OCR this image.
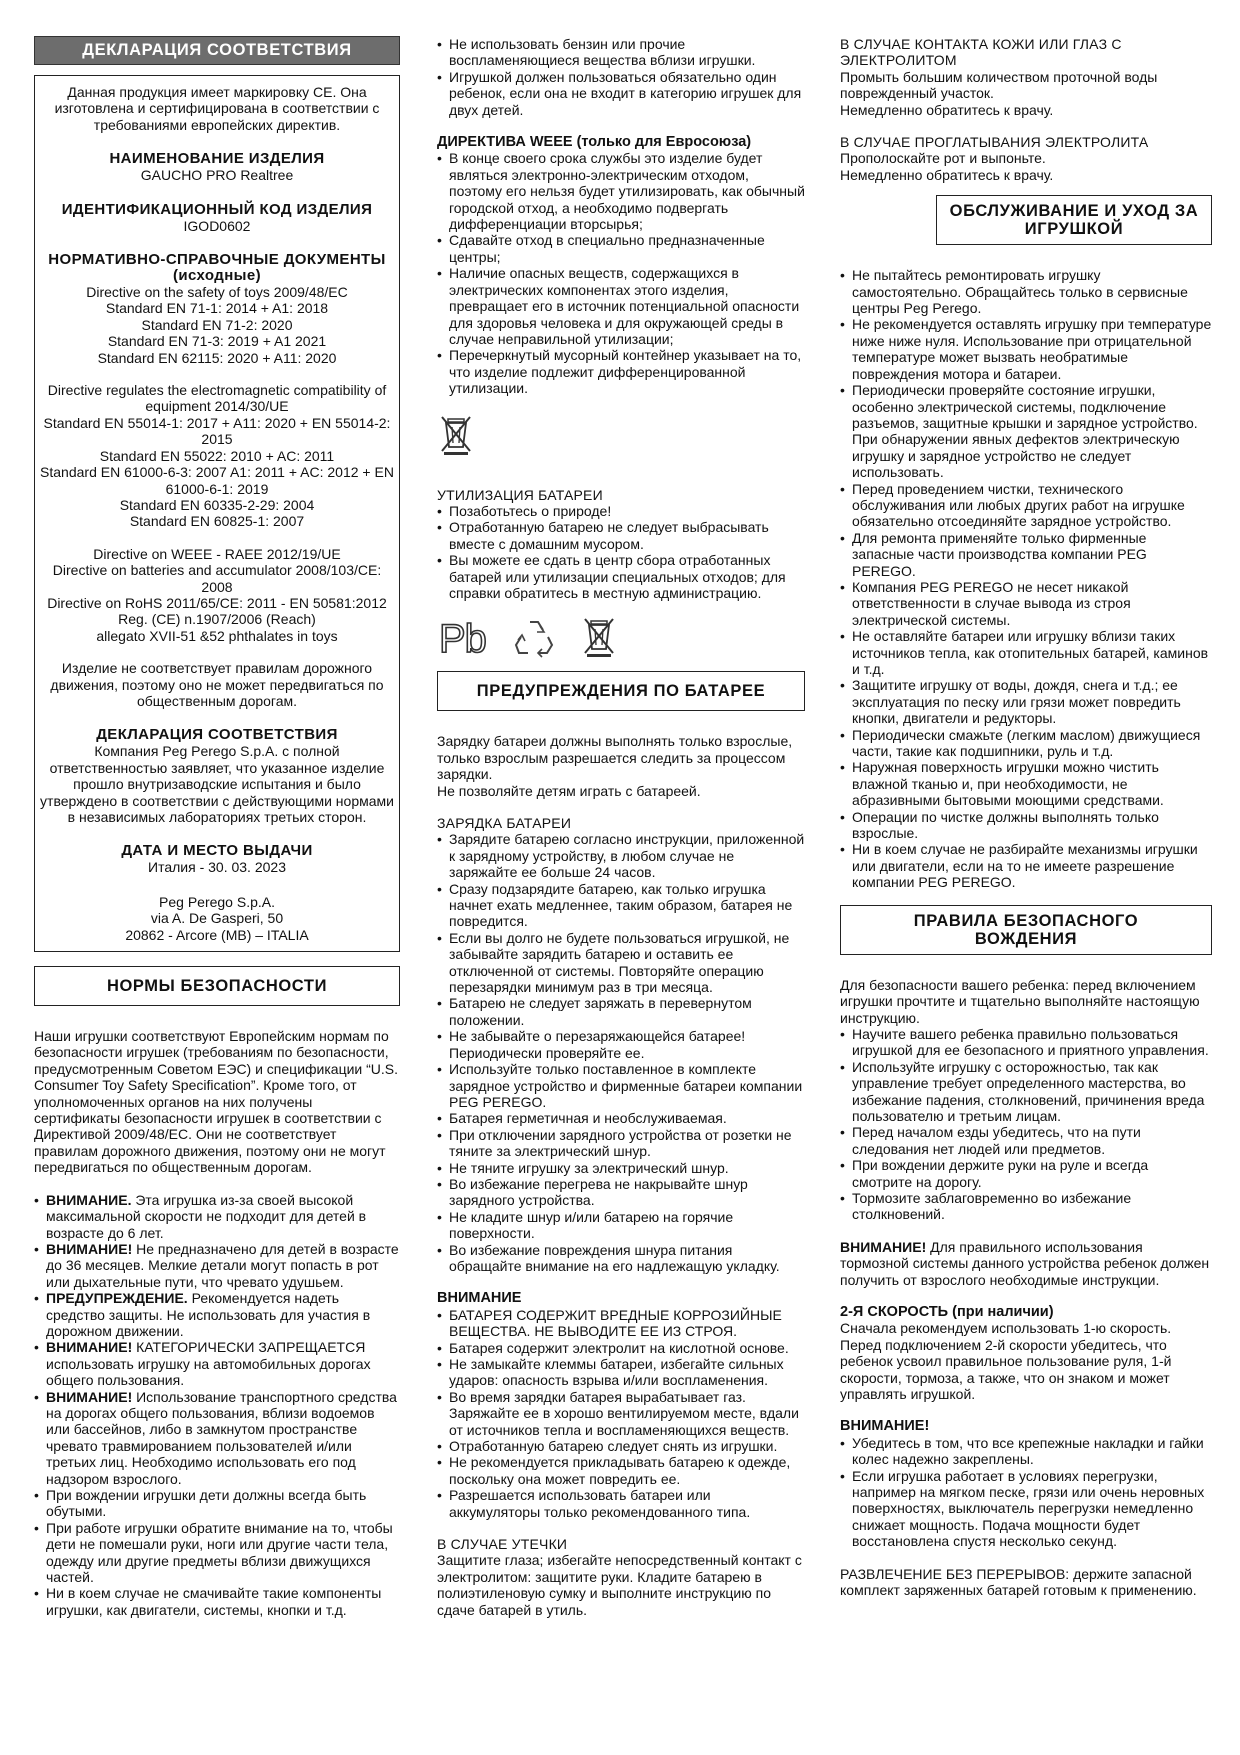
ДЕКЛАРАЦИЯ СООТВЕТСТВИЯ
Данная продукция имеет маркировку CE. Она изготовлена и сертифицирована в соответствии с требованиями европейских директив.
НАИМЕНОВАНИЕ ИЗДЕЛИЯ
GAUCHO PRO Realtree
ИДЕНТИФИКАЦИОННЫЙ КОД ИЗДЕЛИЯ
IGOD0602
НОРМАТИВНО-СПРАВОЧНЫЕ ДОКУМЕНТЫ (исходные)
Directive on the safety of toys 2009/48/EC
Standard EN 71-1: 2014 + A1: 2018
Standard EN 71-2: 2020
Standard EN 71-3: 2019 + A1 2021
Standard EN 62115: 2020 + A11: 2020
Directive regulates the electromagnetic compatibility of equipment 2014/30/UE
Standard EN 55014-1: 2017 + A11: 2020 + EN 55014-2: 2015
Standard EN 55022: 2010 + AC: 2011
Standard EN 61000-6-3: 2007 A1: 2011 + AC: 2012 + EN 61000-6-1: 2019
Standard EN 60335-2-29: 2004
Standard EN 60825-1: 2007
Directive on WEEE - RAEE 2012/19/UE
Directive on batteries and accumulator 2008/103/CE: 2008
Directive on RoHS 2011/65/CE: 2011 - EN 50581:2012
Reg. (CE) n.1907/2006 (Reach)
allegato XVII-51 &52 phthalates in toys
Изделие не соответствует правилам дорожного движения, поэтому оно не может передвигаться по общественным дорогам.
ДЕКЛАРАЦИЯ СООТВЕТСТВИЯ
Компания Peg Perego S.p.A. с полной ответственностью заявляет, что указанное изделие прошло внутризаводские испытания и было утверждено в соответствии с действующими нормами в независимых лабораториях третьих сторон.
ДАТА И МЕСТО ВЫДАЧИ
Италия - 30. 03. 2023
Peg Perego S.p.A.
via A. De Gasperi, 50
20862 - Arcore (MB) – ITALIA
НОРМЫ БЕЗОПАСНОСТИ

Наши игрушки соответствуют Европейским нормам по безопасности игрушек (требованиям по безопасности, предусмотренным Советом ЕЭС) и спецификации “U.S. Consumer Toy Safety Specification”. Кроме того, от уполномоченных органов на них получены сертификаты безопасности игрушек в соответствии с Директивой 2009/48/ЕС. Они не соответствует правилам дорожного движения, поэтому они не могут передвигаться по общественным дорогам.

• ВНИМАНИЕ. Эта игрушка из-за своей высокой максимальной скорости не подходит для детей в возрасте до 6 лет.
• ВНИМАНИЕ! Не предназначено для детей в возрасте до 36 месяцев. Мелкие детали могут попасть в рот или дыхательные пути, что чревато удушьем.
• ПРЕДУПРЕЖДЕНИЕ. Рекомендуется надеть средство защиты. Не использовать для участия в дорожном движении.
• ВНИМАНИЕ! КАТЕГОРИЧЕСКИ ЗАПРЕЩАЕТСЯ использовать игрушку на автомобильных дорогах общего пользования.
• ВНИМАНИЕ! Использование транспортного средства на дорогах общего пользования, вблизи водоемов или бассейнов, либо в замкнутом пространстве чревато травмированием пользователей и/или третьих лиц. Необходимо использовать его под надзором взрослого.
• При вождении игрушки дети должны всегда быть обутыми.
• При работе игрушки обратите внимание на то, чтобы дети не помешали руки, ноги или другие части тела, одежду или другие предметы вблизи движущихся частей.
• Ни в коем случае не смачивайте такие компоненты игрушки, как двигатели, системы, кнопки и т.д.
• Не использовать бензин или прочие воспламеняющиеся вещества вблизи игрушки.
• Игрушкой должен пользоваться обязательно один ребенок, если она не входит в категорию игрушек для двух детей.

ДИРЕКТИВА WEEE (только для Евросоюза)

• В конце своего срока службы это изделие будет являться электронно-электрическим отходом, поэтому его нельзя будет утилизировать, как обычный городской отход, а необходимо подвергать дифференциации вторсырья;
• Сдавайте отход в специально предназначенные центры;
• Наличие опасных веществ, содержащихся в электрических компонентах этого изделия, превращает его в источник потенциальной опасности для здоровья человека и для окружающей среды в случае неправильной утилизации;
• Перечеркнутый мусорный контейнер указывает на то, что изделие подлежит дифференцированной утилизации.

УТИЛИЗАЦИЯ БАТАРЕИ

• Позаботьтесь о природе!
• Отработанную батарею не следует выбрасывать вместе с домашним мусором.
• Вы можете ее сдать в центр сбора отработанных батарей или утилизации специальных отходов; для справки обратитесь в местную администрацию.
Pb
ПРЕДУПРЕЖДЕНИЯ ПО БАТАРЕЕ

Зарядку батареи должны выполнять только взрослые, только взрослым разрешается следить за процессом зарядки.

Не позволяйте детям играть с батареей.

ЗАРЯДКА БАТАРЕИ

• Зарядите батарею согласно инструкции, приложенной к зарядному устройству, в любом случае не заряжайте ее больше 24 часов.
• Сразу подзарядите батарею, как только игрушка начнет ехать медленнее, таким образом, батарея не повредится.
• Если вы долго не будете пользоваться игрушкой, не забывайте зарядить батарею и оставить ее отключенной от системы. Повторяйте операцию перезарядки минимум раз в три месяца.
• Батарею не следует заряжать в перевернутом положении.
• Не забывайте о перезаряжающейся батарее! Периодически проверяйте ее.
• Используйте только поставленное в комплекте зарядное устройство и фирменные батареи компании PEG PEREGO.
• Батарея герметичная и необслуживаемая.
• При отключении зарядного устройства от розетки не тяните за электрический шнур.
• Не тяните игрушку за электрический шнур.
• Во избежание перегрева не накрывайте шнур зарядного устройства.
• Не кладите шнур и/или батарею на горячие поверхности.
• Во избежание повреждения шнура питания обращайте внимание на его надлежащую укладку.

ВНИМАНИЕ

• БАТАРЕЯ СОДЕРЖИТ ВРЕДНЫЕ КОРРОЗИЙНЫЕ ВЕЩЕСТВА. НЕ ВЫВОДИТЕ ЕЕ ИЗ СТРОЯ.
• Батарея содержит электролит на кислотной основе.
• Не замыкайте клеммы батареи, избегайте сильных ударов: опасность взрыва и/или воспламенения.
• Во время зарядки батарея вырабатывает газ. Заряжайте ее в хорошо вентилируемом месте, вдали от источников тепла и воспламеняющихся веществ.
• Отработанную батарею следует снять из игрушки.
• Не рекомендуется прикладывать батарею к одежде, поскольку она может повредить ее.
• Разрешается использовать батареи или аккумуляторы только рекомендованного типа.

В СЛУЧАЕ УТЕЧКИ

Защитите глаза; избегайте непосредственный контакт с электролитом: защитите руки. Кладите батарею в полиэтиленовую сумку и выполните инструкцию по сдаче батарей в утиль.

В СЛУЧАЕ КОНТАКТА КОЖИ ИЛИ ГЛАЗ С ЭЛЕКТРОЛИТОМ

Промыть большим количеством проточной воды поврежденный участок.

Немедленно обратитесь к врачу.

В СЛУЧАЕ ПРОГЛАТЫВАНИЯ ЭЛЕКТРОЛИТА

Прополоскайте рот и выпоньте.

Немедленно обратитесь к врачу.

ОБСЛУЖИВАНИЕ И УХОД ЗА ИГРУШКОЙ
• Не пытайтесь ремонтировать игрушку самостоятельно. Обращайтесь только в сервисные центры Peg Perego.
• Не рекомендуется оставлять игрушку при температуре ниже ниже нуля. Использование при отрицательной температуре может вызвать необратимые повреждения мотора и батареи.
• Периодически проверяйте состояние игрушки, особенно электрической системы, подключение разъемов, защитные крышки и зарядное устройство. При обнаружении явных дефектов электрическую игрушку и зарядное устройство не следует использовать.
• Перед проведением чистки, технического обслуживания или любых других работ на игрушке обязательно отсоединяйте зарядное устройство.
• Для ремонта применяйте только фирменные запасные части производства компании PEG PEREGO.
• Компания PEG PEREGO не несет никакой ответственности в случае вывода из строя электрической системы.
• Не оставляйте батареи или игрушку вблизи таких источников тепла, как отопительных батарей, каминов и т.д.
• Защитите игрушку от воды, дождя, снега и т.д.; ее эксплуатация по песку или грязи может повредить кнопки, двигатели и редукторы.
• Периодически смажьте (легким маслом) движущиеся части, такие как подшипники, руль и т.д.
• Наружная поверхность игрушки можно чистить влажной тканью и, при необходимости, не абразивными бытовыми моющими средствами.
• Операции по чистке должны выполнять только взрослые.
• Ни в коем случае не разбирайте механизмы игрушки или двигатели, если на то не имеете разрешение компании PEG PEREGO.
ПРАВИЛА БЕЗОПАСНОГО ВОЖДЕНИЯ

Для безопасности вашего ребенка: перед включением игрушки прочтите и тщательно выполняйте настоящую инструкцию.

• Научите вашего ребенка правильно пользоваться игрушкой для ее безопасного и приятного управления.
• Используйте игрушку с осторожностью, так как управление требует определенного мастерства, во избежание падения, столкновений, причинения вреда пользователю и третьим лицам.
• Перед началом езды убедитесь, что на пути следования нет людей или предметов.
• При вождении держите руки на руле и всегда смотрите на дорогу.
• Тормозите заблаговременно во избежание столкновений.

ВНИМАНИЕ! Для правильного использования тормозной системы данного устройства ребенок должен получить от взрослого необходимые инструкции.

2-Я СКОРОСТЬ (при наличии)

Сначала рекомендуем использовать 1-ю скорость. Перед подключением 2-й скорости убедитесь, что ребенок усвоил правильное пользование руля, 1-й скорости, тормоза, а также, что он знаком и может управлять игрушкой.

ВНИМАНИЕ!

• Убедитесь в том, что все крепежные накладки и гайки колес надежно закреплены.
• Если игрушка работает в условиях перегрузки, например на мягком песке, грязи или очень неровных поверхностях, выключатель перегрузки немедленно снижает мощность. Подача мощности будет восстановлена спустя несколько секунд.

РАЗВЛЕЧЕНИЕ БЕЗ ПЕРЕРЫВОВ: держите запасной комплект заряженных батарей готовым к применению.
